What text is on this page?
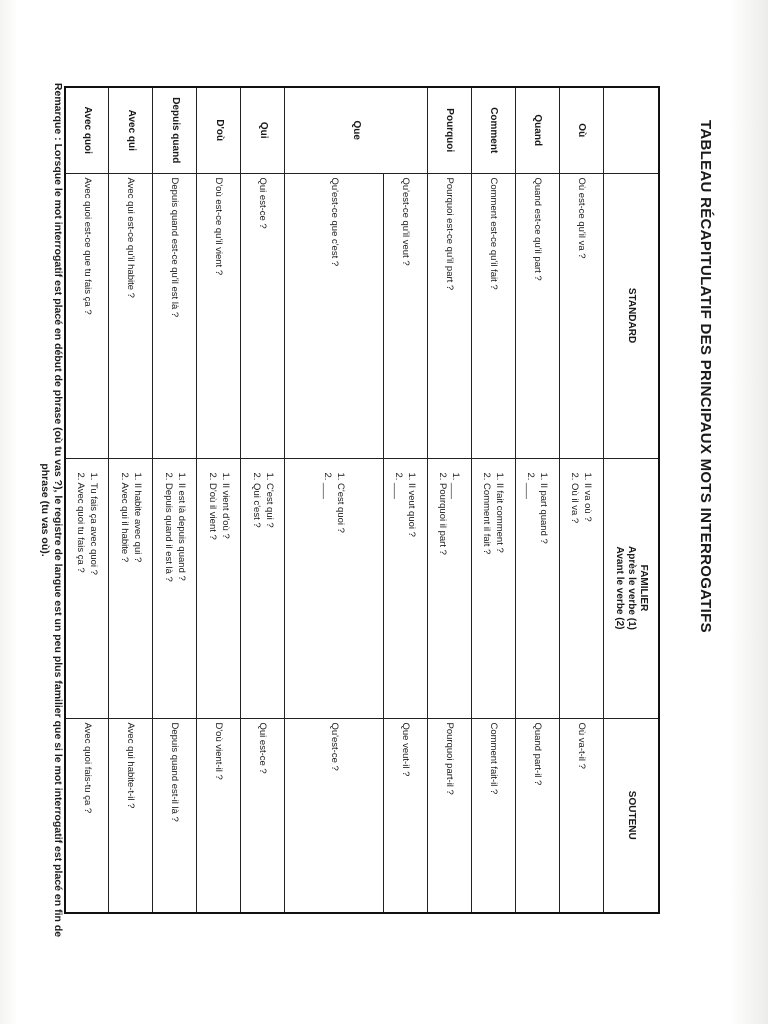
TABLEAU RÉCAPITULATIF DES PRINCIPAUX MOTS INTERROGATIFS
	STANDARD	FAMILIER
Après le verbe (1)
Avant le verbe (2)	SOUTENU
Où	Où est-ce qu'il va ?	1. Il va où ?
2. Où il va ?	Où va-t-il ?
Quand	Quand est-ce qu'il part ?	1. Il part quand ?
2. ___	Quand part-il ?
Comment	Comment est-ce qu'il fait ?	1. Il fait comment ?
2. Comment il fait ?	Comment fait-il ?
Pourquoi	Pourquoi est-ce qu'il part ?	1. ___
2. Pourquoi il part ?	Pourquoi part-il ?
Que	Qu'est-ce qu'il veut ?	1. Il veut quoi ?
2. ___	Que veut-il ?
	Qu'est-ce que c'est ?	1. C'est quoi ?
2. ___	Qu'est-ce ?
Qui	Qui est-ce ?	1. C'est qui ?
2. Qui c'est ?	Qui est-ce ?
D'où	D'où est-ce qu'il vient ?	1. Il vient d'où ?
2. D'où il vient ?	D'où vient-il ?
Depuis quand	Depuis quand est-ce qu'il est là ?	1. Il est là depuis quand ?
2. Depuis quand il est là ?	Depuis quand est-il là ?
Avec qui	Avec qui est-ce qu'il habite ?	1. Il habite avec qui ?
2. Avec qui il habite ?	Avec qui habite-t-il ?
Avec quoi	Avec quoi est-ce que tu fais ça ?	1. Tu fais ça avec quoi ?
2. Avec quoi tu fais ça ?	Avec quoi fais-tu ça ?
Remarque : Lorsque le mot interrogatif est placé en début de phrase (où tu vas ?), le registre de langue est un peu plus familier que si le mot interrogatif est placé en fin de phrase (tu vas où).
